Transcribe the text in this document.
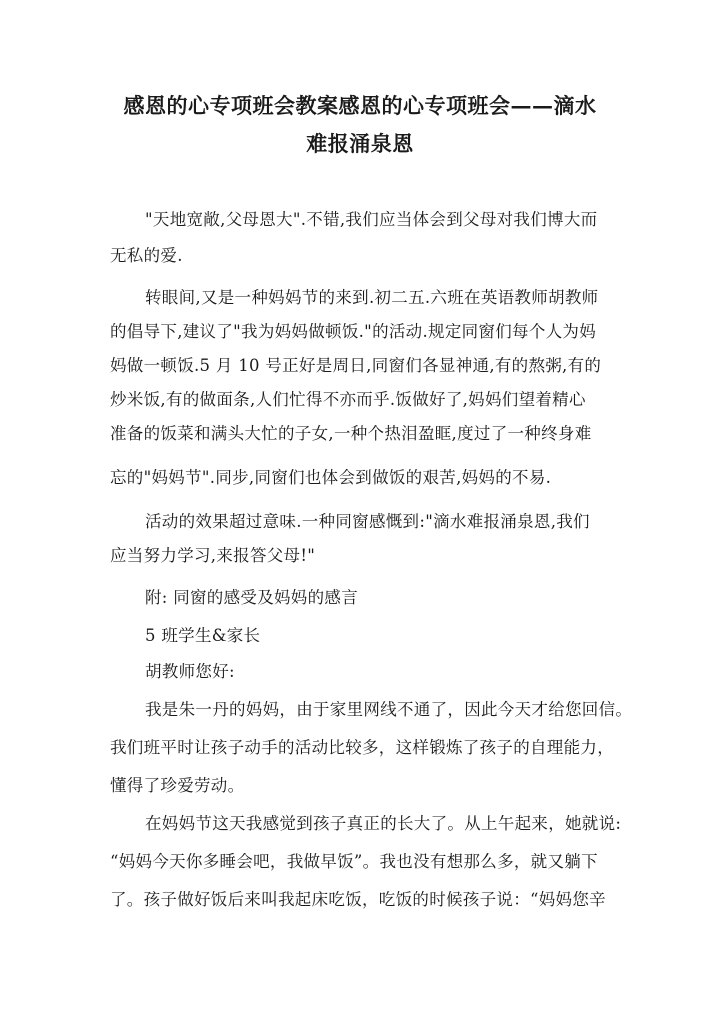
感恩的心专项班会教案感恩的心专项班会——滴水
难报涌泉恩

"天地宽敞,父母恩大".不错,我们应当体会到父母对我们博大而

无私的爱.

转眼间,又是一种妈妈节的来到.初二五.六班在英语教师胡教师

的倡导下,建议了"我为妈妈做顿饭."的活动.规定同窗们每个人为妈

妈做一顿饭.5 月 10 号正好是周日,同窗们各显神通,有的熬粥,有的

炒米饭,有的做面条,人们忙得不亦而乎.饭做好了,妈妈们望着精心

准备的饭菜和满头大忙的子女,一种个热泪盈眶,度过了一种终身难

忘的"妈妈节".同步,同窗们也体会到做饭的艰苦,妈妈的不易.

活动的效果超过意味.一种同窗感慨到:"滴水难报涌泉恩,我们

应当努力学习,来报答父母!"

附: 同窗的感受及妈妈的感言

5 班学生&家长

胡教师您好:

我是朱一丹的妈妈，由于家里网线不通了，因此今天才给您回信。

我们班平时让孩子动手的活动比较多，这样锻炼了孩子的自理能力，

懂得了珍爱劳动。

在妈妈节这天我感觉到孩子真正的长大了。从上午起来，她就说:

“妈妈今天你多睡会吧，我做早饭”。我也没有想那么多，就又躺下

了。孩子做好饭后来叫我起床吃饭，吃饭的时候孩子说：“妈妈您辛
